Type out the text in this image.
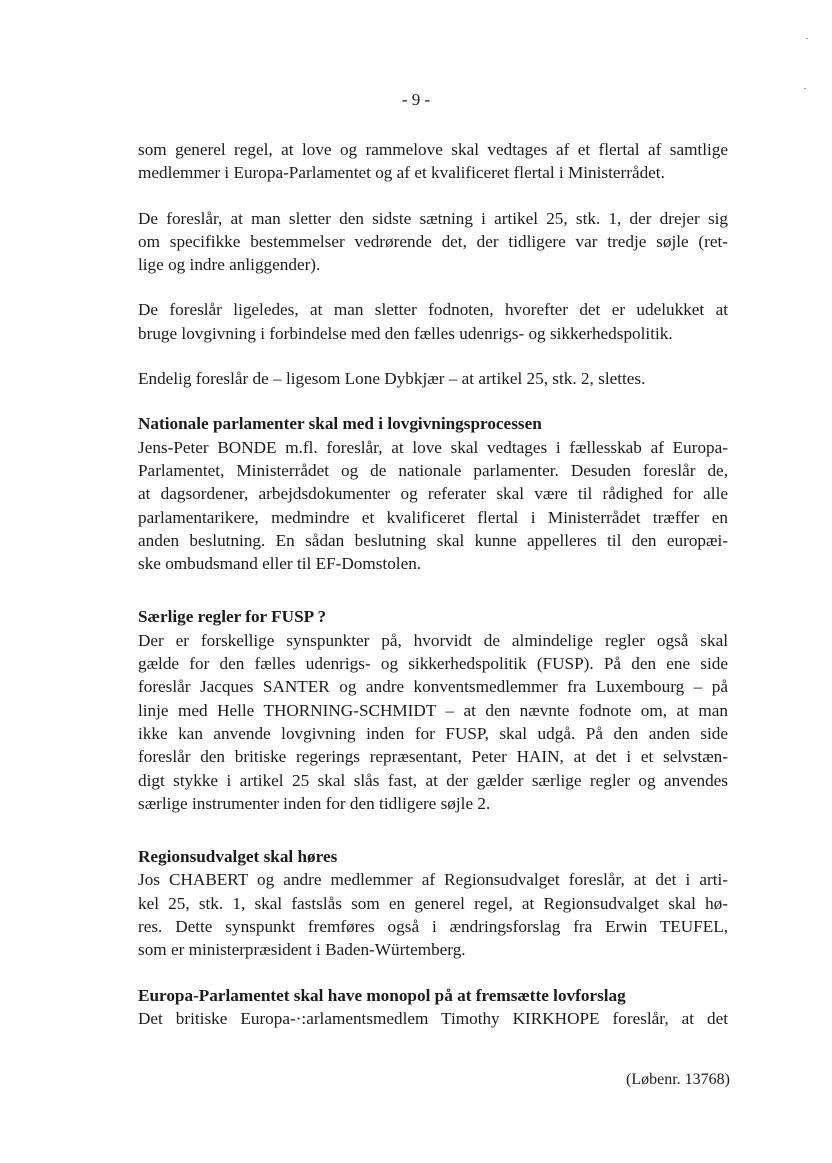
- 9 -
som generel regel, at love og rammelove skal vedtages af et flertal af samtlige
medlemmer i Europa-Parlamentet og af et kvalificeret flertal i Ministerrådet.
De foreslår, at man sletter den sidste sætning i artikel 25, stk. 1, der drejer sig
om specifikke bestemmelser vedrørende det, der tidligere var tredje søjle (ret-
lige og indre anliggender).
De foreslår ligeledes, at man sletter fodnoten, hvorefter det er udelukket at
bruge lovgivning i forbindelse med den fælles udenrigs- og sikkerhedspolitik.
Endelig foreslår de – ligesom Lone Dybkjær – at artikel 25, stk. 2, slettes.
Nationale parlamenter skal med i lovgivningsprocessen
Jens-Peter BONDE m.fl. foreslår, at love skal vedtages i fællesskab af Europa-
Parlamentet, Ministerrådet og de nationale parlamenter. Desuden foreslår de,
at dagsordener, arbejdsdokumenter og referater skal være til rådighed for alle
parlamentarikere, medmindre et kvalificeret flertal i Ministerrådet træffer en
anden beslutning. En sådan beslutning skal kunne appelleres til den europæi-
ske ombudsmand eller til EF-Domstolen.
Særlige regler for FUSP ?
Der er forskellige synspunkter på, hvorvidt de almindelige regler også skal
gælde for den fælles udenrigs- og sikkerhedspolitik (FUSP). På den ene side
foreslår Jacques SANTER og andre konventsmedlemmer fra Luxembourg – på
linje med Helle THORNING-SCHMIDT – at den nævnte fodnote om, at man
ikke kan anvende lovgivning inden for FUSP, skal udgå. På den anden side
foreslår den britiske regerings repræsentant, Peter HAIN, at det i et selvstæn-
digt stykke i artikel 25 skal slås fast, at der gælder særlige regler og anvendes
særlige instrumenter inden for den tidligere søjle 2.
Regionsudvalget skal høres
Jos CHABERT og andre medlemmer af Regionsudvalget foreslår, at det i arti-
kel 25, stk. 1, skal fastslås som en generel regel, at Regionsudvalget skal hø-
res. Dette synspunkt fremføres også i ændringsforslag fra Erwin TEUFEL,
som er ministerpræsident i Baden-Würtemberg.
Europa-Parlamentet skal have monopol på at fremsætte lovforslag
Det britiske Europa-·:arlamentsmedlem Timothy KIRKHOPE foreslår, at det
(Løbenr. 13768)
